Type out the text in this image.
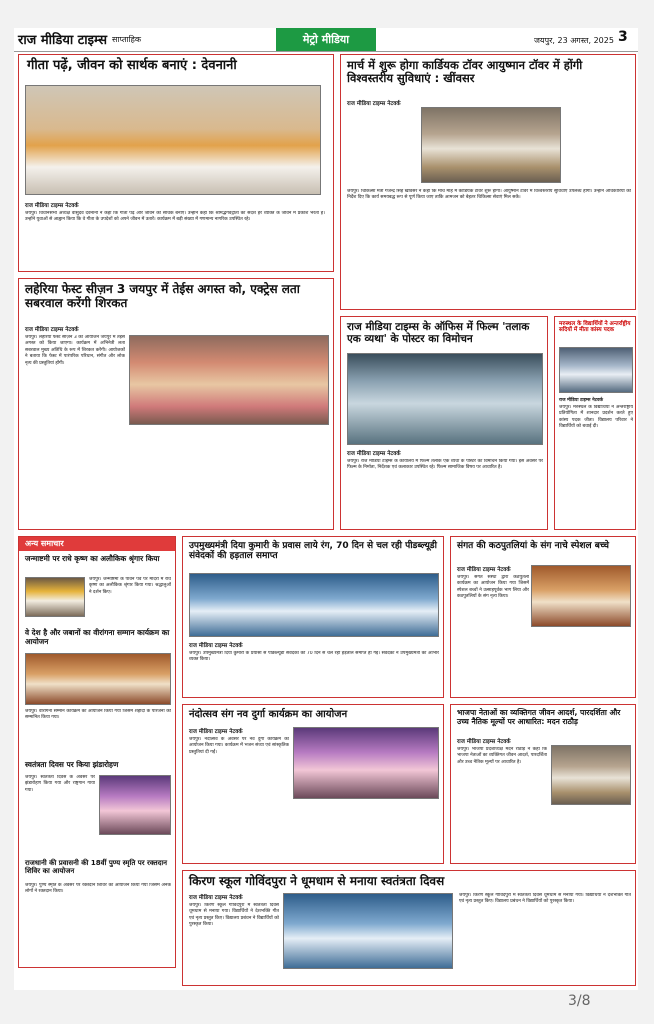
राज मीडिया टाइम्स साप्ताहिक	मेट्रो मीडिया	जयपुर, 23 अगस्त, 2025 3
गीता पढ़ें, जीवन को सार्थक बनाएं : देवनानी
राज मीडिया टाइम्स नेटवर्क
जयपुर। विधानसभा अध्यक्ष वासुदेव देवनानी ने कहा कि गीता पढ़ें और जीवन को सार्थक बनाएं। उन्होंने कहा कि श्रीमद्भगवद्गीता का संदेश हर व्यक्ति के जीवन में प्रकाश भरता है। उन्होंने युवाओं से आह्वान किया कि वे गीता के उपदेशों को अपने जीवन में उतारें। कार्यक्रम में बड़ी संख्या में गणमान्य नागरिक उपस्थित रहे।
मार्च में शुरू होगा कार्डियक टॉवर आयुष्मान टॉवर में होंगी विश्वस्तरीय सुविधाएं : खींवसर
राज मीडिया टाइम्स नेटवर्क
जयपुर। चिकित्सा मंत्री गजेन्द्र सिंह खींवसर ने कहा कि मार्च माह में कार्डियक टॉवर शुरू होगा। आयुष्मान टॉवर में विश्वस्तरीय सुविधाएं उपलब्ध होंगी। उन्होंने अधिकारियों को निर्देश दिए कि कार्य समयबद्ध रूप से पूर्ण किया जाए ताकि आमजन को बेहतर चिकित्सा सेवाएं मिल सकें।
लहेरिया फेस्ट सीज़न 3 जयपुर में तेईस अगस्त को, एक्ट्रेस लता सबरवाल करेंगी शिरकत
राज मीडिया टाइम्स नेटवर्क
जयपुर। लहेरिया फेस्ट सीज़न 3 का आयोजन जयपुर में तेईस अगस्त को किया जाएगा। कार्यक्रम में अभिनेत्री लता सबरवाल मुख्य अतिथि के रूप में शिरकत करेंगी। आयोजकों ने बताया कि फेस्ट में पारंपरिक परिधान, संगीत और लोक नृत्य की प्रस्तुतियां होंगी।
राज मीडिया टाइम्स के ऑफिस में फिल्म 'तलाक एक व्यथा' के पोस्टर का विमोचन
राज मीडिया टाइम्स नेटवर्क
जयपुर। राज मीडिया टाइम्स के कार्यालय में फिल्म तलाक एक व्यथा के पोस्टर का विमोचन किया गया। इस अवसर पर फिल्म के निर्माता, निर्देशक एवं कलाकार उपस्थित रहे। फिल्म सामाजिक विषय पर आधारित है।
मरुस्थल के विद्यार्थियों ने अन्तर्राष्ट्रीय सदियों में मीता कांस्य पदक
राज मीडिया टाइम्स नेटवर्क
जयपुर। मरुस्थल के विद्यार्थियों ने अन्तर्राष्ट्रीय प्रतियोगिता में शानदार प्रदर्शन करते हुए कांस्य पदक जीता। विद्यालय परिवार ने विद्यार्थियों को बधाई दी।
अन्य समाचार
जन्माष्टमी पर राधे कृष्ण का अलौकिक श्रृंगार किया
जयपुर। जन्माष्टमी के पावन पर्व पर मंदिरों में राधे कृष्ण का अलौकिक श्रृंगार किया गया। श्रद्धालुओं ने दर्शन किए।
वे देश है और जबानों का वीरांगना सम्मान कार्यक्रम का आयोजन
जयपुर। वीरांगना सम्मान कार्यक्रम का आयोजन किया गया जिसमें शहीदों के परिजनों को सम्मानित किया गया।
स्वतंत्रता दिवस पर किया झंडारोहण
जयपुर। स्वतंत्रता दिवस के अवसर पर झंडारोहण किया गया और राष्ट्रगान गाया गया।
राजधानी की प्रवासनी की 18वीं पुण्य स्मृति पर रक्तदान शिविर का आयोजन
जयपुर। पुण्य स्मृति के अवसर पर रक्तदान शिविर का आयोजन किया गया जिसमें अनेक लोगों ने रक्तदान किया।
उपमुख्यमंत्री दिया कुमारी के प्रवास लाये रंग, 70 दिन से चल रही पीडब्ल्यूडी संवेदकों की हड़ताल समाप्त
राज मीडिया टाइम्स नेटवर्क
जयपुर। उपमुख्यमंत्री दिया कुमारी के प्रयासों से पीडब्ल्यूडी संवेदकों की 70 दिन से चल रही हड़ताल समाप्त हो गई। संवेदकों ने उपमुख्यमंत्री का आभार व्यक्त किया।
संगत की कठपुतलियां के संग नाचे स्पेशल बच्चे
राज मीडिया टाइम्स नेटवर्क
जयपुर। संगत संस्था द्वारा कठपुतली कार्यक्रम का आयोजन किया गया जिसमें स्पेशल बच्चों ने उत्साहपूर्वक भाग लिया और कठपुतलियों के संग नृत्य किया।
नंदोत्सव संग नव दुर्गा कार्यक्रम का आयोजन
राज मीडिया टाइम्स नेटवर्क
जयपुर। नंदोत्सव के अवसर पर नव दुर्गा कार्यक्रम का आयोजन किया गया। कार्यक्रम में भजन संध्या एवं सांस्कृतिक प्रस्तुतियां दी गईं।
भाजपा नेताओं का व्यक्तिगत जीवन आदर्श, पारदर्शिता और उच्च नैतिक मूल्यों पर आधारित: मदन राठौड़
राज मीडिया टाइम्स नेटवर्क
जयपुर। भाजपा प्रदेशाध्यक्ष मदन राठौड़ ने कहा कि भाजपा नेताओं का व्यक्तिगत जीवन आदर्श, पारदर्शिता और उच्च नैतिक मूल्यों पर आधारित है।
किरण स्कूल गोविंदपुरा ने धूमधाम से मनाया स्वतंत्रता दिवस
राज मीडिया टाइम्स नेटवर्क
जयपुर। किरण स्कूल गोविंदपुरा में स्वतंत्रता दिवस धूमधाम से मनाया गया। विद्यार्थियों ने देशभक्ति गीत एवं नृत्य प्रस्तुत किए। विद्यालय प्रबंधन ने विद्यार्थियों को पुरस्कृत किया।
जयपुर। किरण स्कूल गोविंदपुरा में स्वतंत्रता दिवस धूमधाम से मनाया गया। विद्यार्थियों ने देशभक्ति गीत एवं नृत्य प्रस्तुत किए। विद्यालय प्रबंधन ने विद्यार्थियों को पुरस्कृत किया।
3/8
